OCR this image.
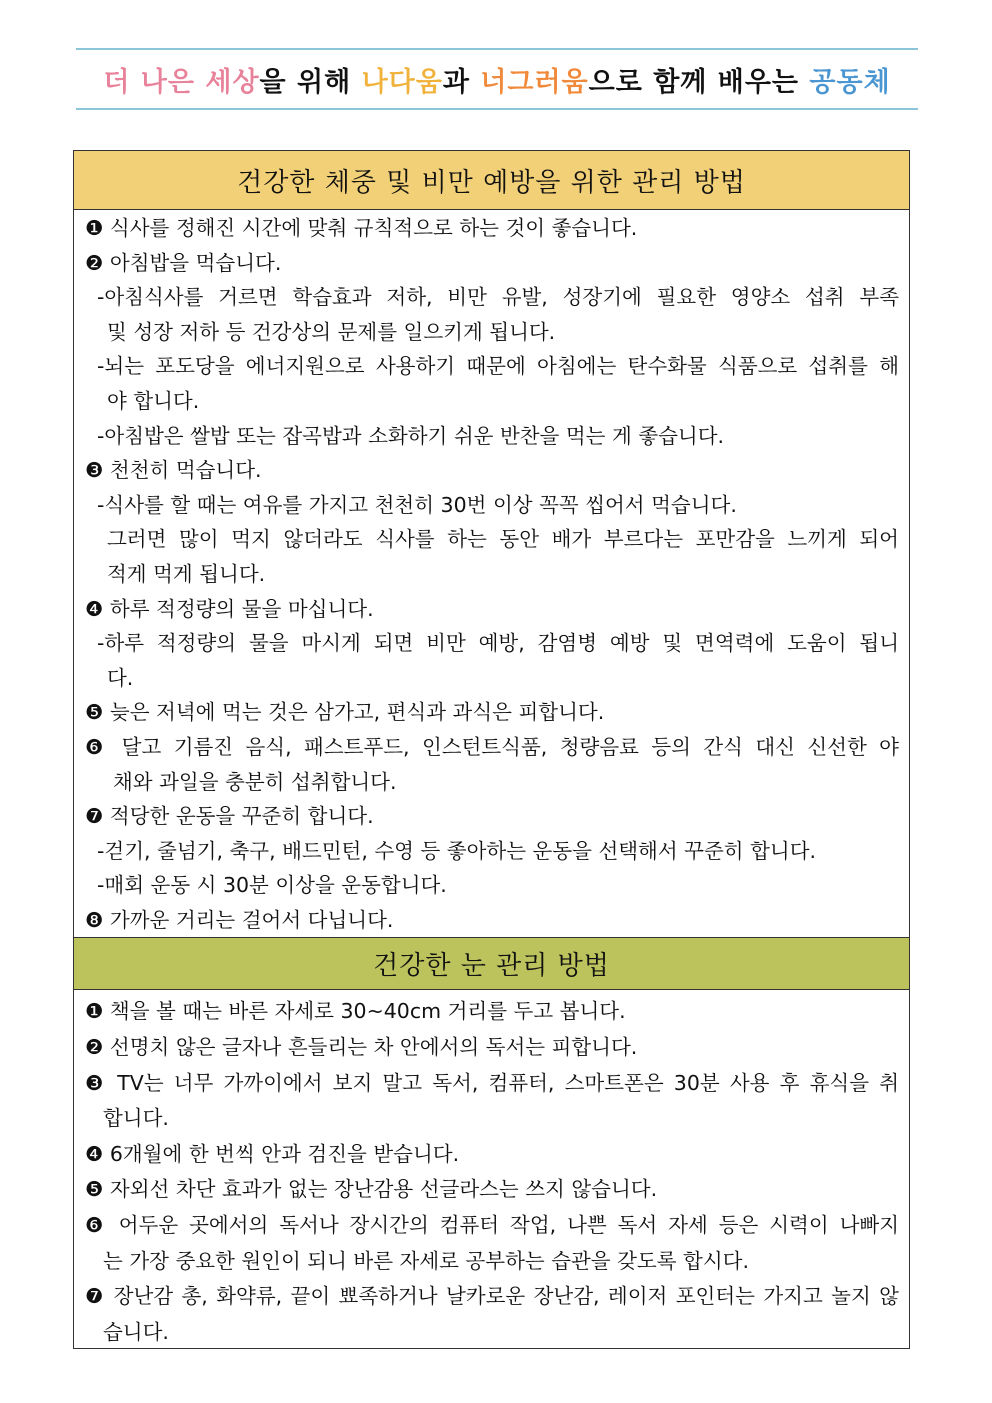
더 나은 세상 을 위해 나다움 과 너그러움 으로 함께 배우는 공동체
건강한 체중 및 비만 예방을 위한 관리 방법
❶ 식사를 정해진 시간에 맞춰 규칙적으로 하는 것이 좋습니다.
❷ 아침밥을 먹습니다.
-아침식사를 거르면 학습효과 저하, 비만 유발, 성장기에 필요한 영양소 섭취 부족
및 성장 저하 등 건강상의 문제를 일으키게 됩니다.
-뇌는 포도당을 에너지원으로 사용하기 때문에 아침에는 탄수화물 식품으로 섭취를 해
야 합니다.
-아침밥은 쌀밥 또는 잡곡밥과 소화하기 쉬운 반찬을 먹는 게 좋습니다.
❸ 천천히 먹습니다.
-식사를 할 때는 여유를 가지고 천천히 30번 이상 꼭꼭 씹어서 먹습니다.
그러면 많이 먹지 않더라도 식사를 하는 동안 배가 부르다는 포만감을 느끼게 되어
적게 먹게 됩니다.
❹ 하루 적정량의 물을 마십니다.
-하루 적정량의 물을 마시게 되면 비만 예방, 감염병 예방 및 면역력에 도움이 됩니
다.
❺ 늦은 저녁에 먹는 것은 삼가고, 편식과 과식은 피합니다.
❻ 달고 기름진 음식, 패스트푸드, 인스턴트식품, 청량음료 등의 간식 대신 신선한 야
채와 과일을 충분히 섭취합니다.
❼ 적당한 운동을 꾸준히 합니다.
-걷기, 줄넘기, 축구, 배드민턴, 수영 등 좋아하는 운동을 선택해서 꾸준히 합니다.
-매회 운동 시 30분 이상을 운동합니다.
❽ 가까운 거리는 걸어서 다닙니다.
건강한 눈 관리 방법
❶ 책을 볼 때는 바른 자세로 30~40cm 거리를 두고 봅니다.
❷ 선명치 않은 글자나 흔들리는 차 안에서의 독서는 피합니다.
❸ TV는 너무 가까이에서 보지 말고 독서, 컴퓨터, 스마트폰은 30분 사용 후 휴식을 취
합니다.
❹ 6개월에 한 번씩 안과 검진을 받습니다.
❺ 자외선 차단 효과가 없는 장난감용 선글라스는 쓰지 않습니다.
❻ 어두운 곳에서의 독서나 장시간의 컴퓨터 작업, 나쁜 독서 자세 등은 시력이 나빠지
는 가장 중요한 원인이 되니 바른 자세로 공부하는 습관을 갖도록 합시다.
❼ 장난감 총, 화약류, 끝이 뾰족하거나 날카로운 장난감, 레이저 포인터는 가지고 놀지 않
습니다.
